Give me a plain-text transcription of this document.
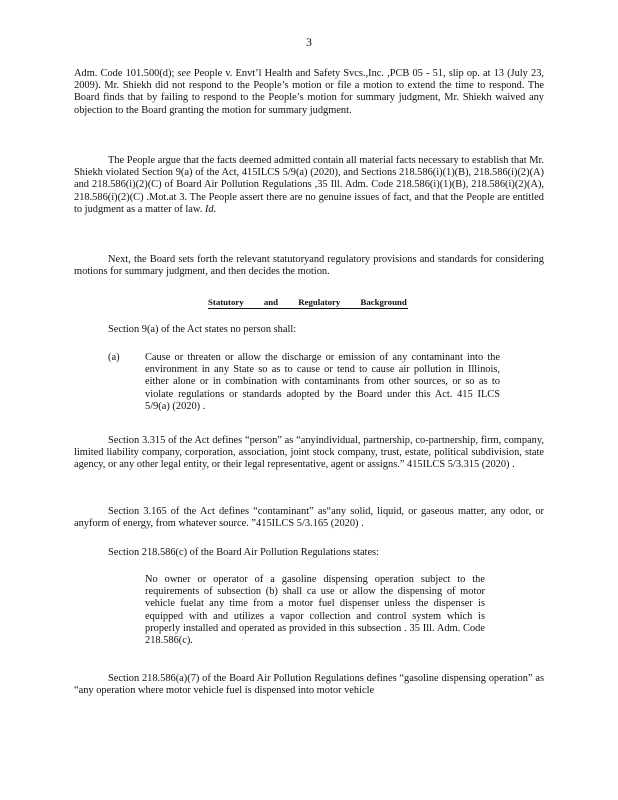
3
Adm. Code 101.500(d); see People v. Envt’l Health and Safety Svcs.,Inc. ,PCB 05 - 51, slip op. at 13 (July 23, 2009). Mr. Shiekh did not respond to the People’s motion or file a motion to extend the time to respond. The Board finds that by failing to respond to the People’s motion for summary judgment, Mr. Shiekh waived any objection to the Board granting the motion for summary judgment.
The People argue that the facts deemed admitted contain all material facts necessary to establish that Mr. Shiekh violated Section 9(a) of the Act, 415ILCS 5/9(a) (2020), and Sections 218.586(i)(1)(B), 218.586(i)(2)(A) and 218.586(i)(2)(C) of Board Air Pollution Regulations ,35 Ill. Adm. Code 218.586(i)(1)(B), 218.586(i)(2)(A), 218.586(i)(2)(C) .Mot.at 3. The People assert there are no genuine issues of fact, and that the People are entitled to judgment as a matter of law. Id.
Next, the Board sets forth the relevant statutoryand regulatory provisions and standards for considering motions for summary judgment, and then decides the motion.
Statutory and Regulatory Background
Section 9(a) of the Act states no person shall:
(a) Cause or threaten or allow the discharge or emission of any contaminant into the environment in any State so as to cause or tend to cause air pollution in Illinois, either alone or in combination with contaminants from other sources, or so as to violate regulations or standards adopted by the Board under this Act. 415 ILCS 5/9(a) (2020) .
Section 3.315 of the Act defines “person” as “anyindividual, partnership, co-partnership, firm, company, limited liability company, corporation, association, joint stock company, trust, estate, political subdivision, state agency, or any other legal entity, or their legal representative, agent or assigns.” 415ILCS 5/3.315 (2020) .
Section 3.165 of the Act defines “contaminant” as“any solid, liquid, or gaseous matter, any odor, or anyform of energy, from whatever source. ”415ILCS 5/3.165 (2020) .
Section 218.586(c) of the Board Air Pollution Regulations states:
No owner or operator of a gasoline dispensing operation subject to the requirements of subsection (b) shall ca use or allow the dispensing of motor vehicle fuelat any time from a motor fuel dispenser unless the dispenser is equipped with and utilizes a vapor collection and control system which is properly installed and operated as provided in this subsection . 35 Ill. Adm. Code 218.586(c).
Section 218.586(a)(7) of the Board Air Pollution Regulations defines “gasoline dispensing operation” as “any operation where motor vehicle fuel is dispensed into motor vehicle
